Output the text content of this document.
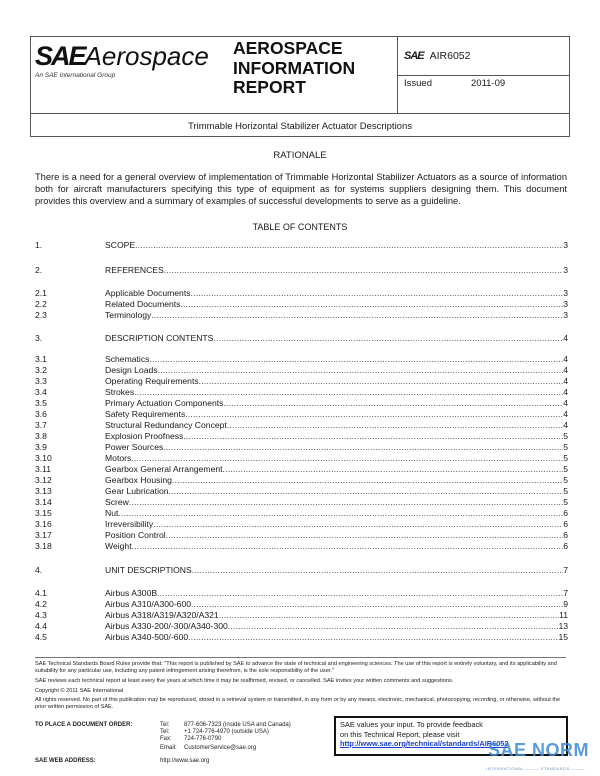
SAEAerospace
An SAE International Group
AEROSPACE
INFORMATION
REPORT
SAE AIR6052
Issued	2011-09
Trimmable Horizontal Stabilizer Actuator Descriptions
RATIONALE
There is a need for a general overview of implementation of Trimmable Horizontal Stabilizer Actuators as a source of information both for aircraft manufacturers specifying this type of equipment as for systems suppliers designing them. This document provides this overview and a summary of examples of successful developments to serve as a guideline.
TABLE OF CONTENTS
1.	SCOPE .....	3
2.	REFERENCES .....	3
2.1	Applicable Documents .....	3
2.2	Related Documents .....	3
2.3	Terminology .....	3
3.	DESCRIPTION CONTENTS .....	4
3.1	Schematics .....	4
3.2	Design Loads .....	4
3.3	Operating Requirements .....	4
3.4	Strokes .....	4
3.5	Primary Actuation Components .....	4
3.6	Safety Requirements .....	4
3.7	Structural Redundancy Concept .....	4
3.8	Explosion Proofness .....	5
3.9	Power Sources .....	5
3.10	Motors .....	5
3.11	Gearbox General Arrangement .....	5
3.12	Gearbox Housing .....	5
3.13	Gear Lubrication .....	5
3.14	Screw .....	5
3.15	Nut .....	6
3.16	Irreversibility .....	6
3.17	Position Control .....	6
3.18	Weight .....	6
4.	UNIT DESCRIPTIONS .....	7
4.1	Airbus A300B .....	7
4.2	Airbus A310/A300-600 .....	9
4.3	Airbus A318/A319/A320/A321 .....	11
4.4	Airbus A330-200/-300/A340-300 .....	13
4.5	Airbus A340-500/-600 .....	15
SAE Technical Standards Board Rules provide that: "This report is published by SAE to advance the state of technical and engineering sciences. The use of this report is entirely voluntary, and its applicability and suitability for any particular use, including any patent infringement arising therefrom, is the sole responsibility of the user."
SAE reviews each technical report at least every five years at which time it may be reaffirmed, revised, or cancelled. SAE invites your written comments and suggestions.
Copyright © 2011 SAE International
All rights reserved. No part of this publication may be reproduced, stored in a retrieval system or transmitted, in any form or by any means, electronic, mechanical, photocopying, recording, or otherwise, without the prior written permission of SAE.
TO PLACE A DOCUMENT ORDER:	Tel: 877-606-7323 (inside USA and Canada)
Tel: +1 724-776-4970 (outside USA)
Fax: 724-776-0790
Email: CustomerService@sae.org
SAE WEB ADDRESS:	http://www.sae.org
SAE values your input. To provide feedback
on this Technical Report, please visit
http://www.sae.org/technical/standards/AIR6052
SAE NORM
INTERNATIONAL ——— STANDARDS ———
